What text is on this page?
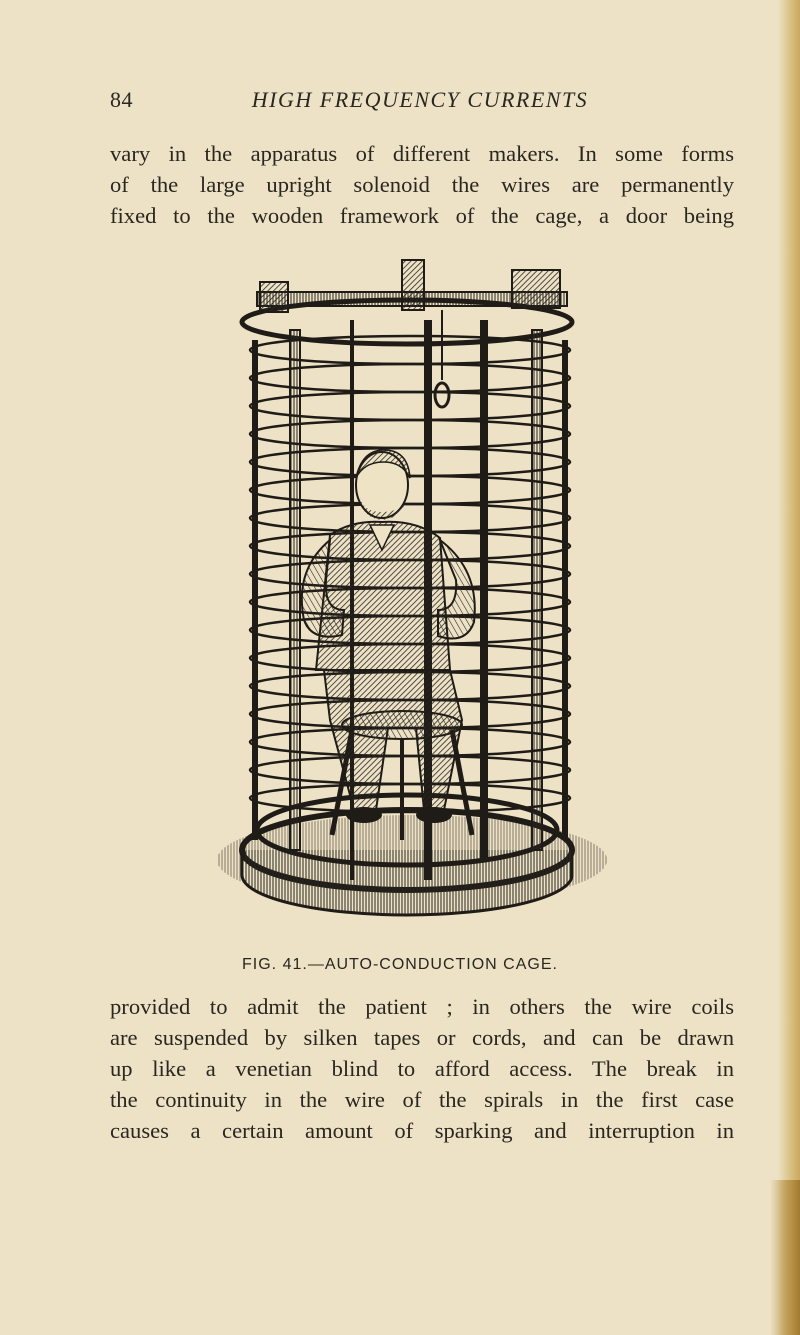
84	HIGH FREQUENCY CURRENTS
vary in the apparatus of different makers. In some forms
of the large upright solenoid the wires are permanently
fixed to the wooden framework of the cage, a door being
FIG. 41.—AUTO-CONDUCTION CAGE.
provided to admit the patient ; in others the wire coils
are suspended by silken tapes or cords, and can be drawn
up like a venetian blind to afford access. The break in
the continuity in the wire of the spirals in the first case
causes a certain amount of sparking and interruption in
